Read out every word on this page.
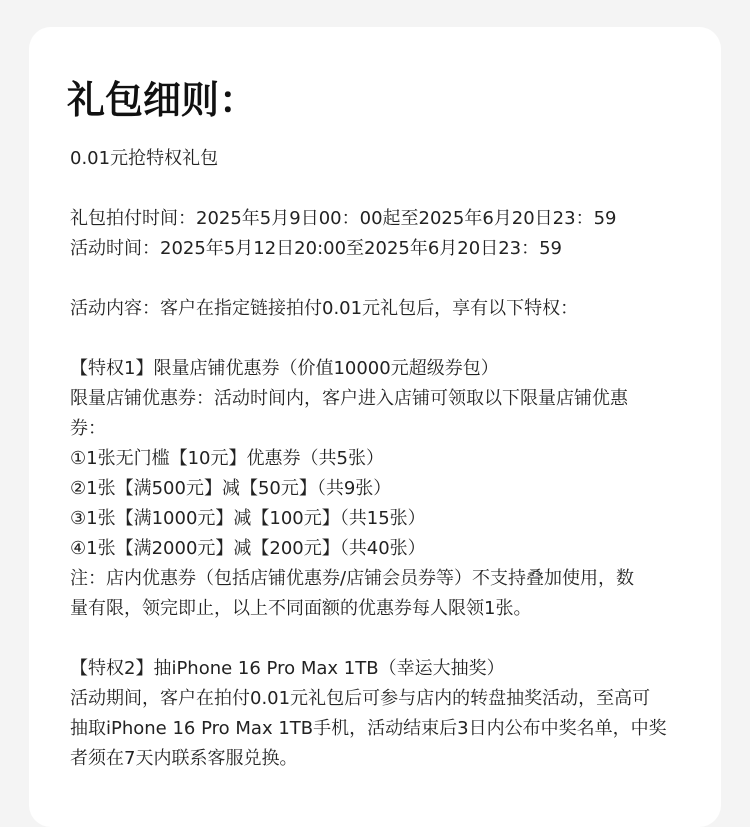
礼包细则：
0.01元抢特权礼包
礼包拍付时间：2025年5月9日00：00起至2025年6月20日23：59
活动时间：2025年5月12日20:00至2025年6月20日23：59
活动内容：客户在指定链接拍付0.01元礼包后，享有以下特权：
【特权1】限量店铺优惠券（价值10000元超级券包）
限量店铺优惠券：活动时间内，客户进入店铺可领取以下限量店铺优惠
券：
①1张无门槛【10元】优惠券（共5张）
②1张【满500元】减【50元】（共9张）
③1张【满1000元】减【100元】（共15张）
④1张【满2000元】减【200元】（共40张）
注：店内优惠券（包括店铺优惠券/店铺会员券等）不支持叠加使用，数
量有限，领完即止，以上不同面额的优惠券每人限领1张。
【特权2】抽iPhone 16 Pro Max 1TB（幸运大抽奖）
活动期间，客户在拍付0.01元礼包后可参与店内的转盘抽奖活动，至高可
抽取iPhone 16 Pro Max 1TB手机，活动结束后3日内公布中奖名单，中奖
者须在7天内联系客服兑换。
